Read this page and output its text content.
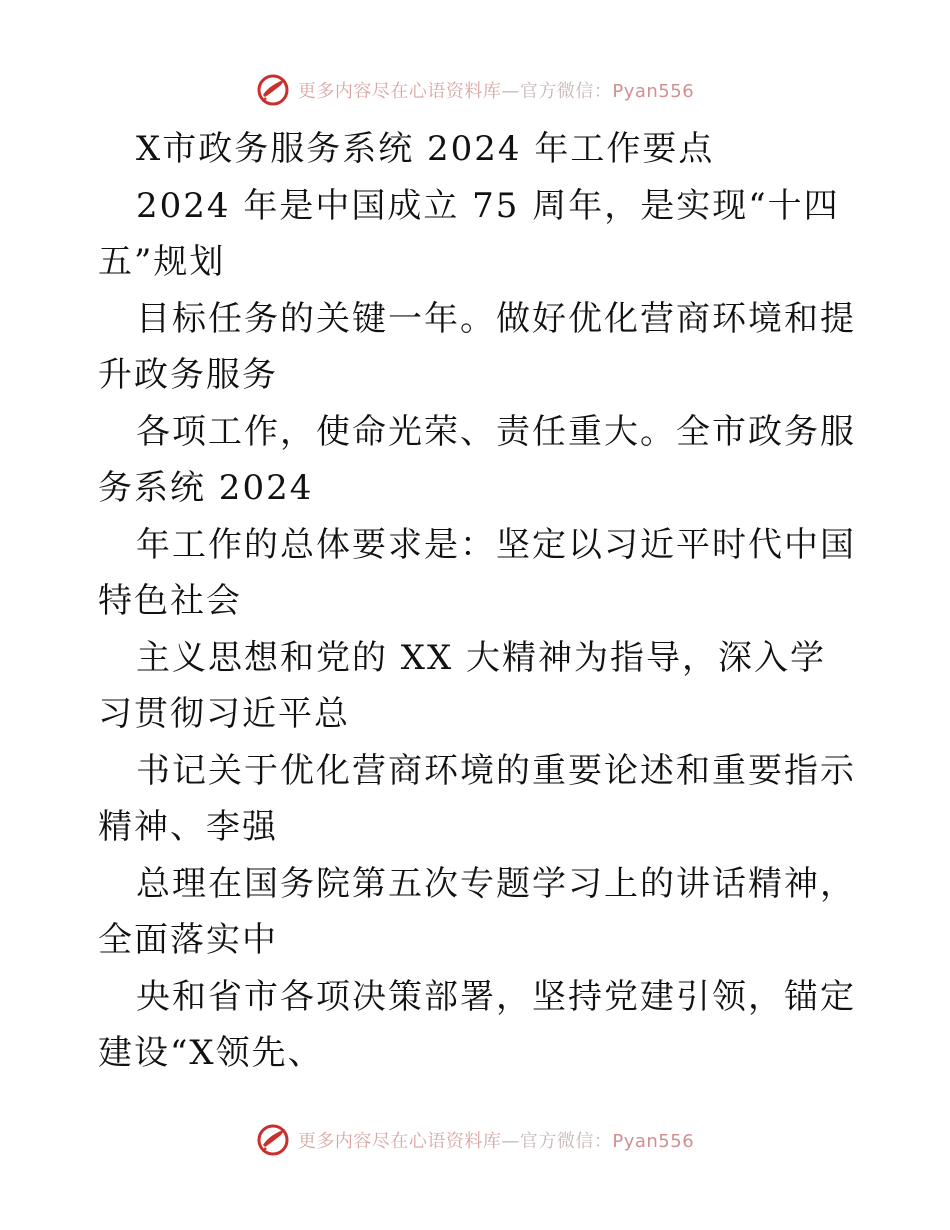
更多内容尽在心语资料库 — 官方微信： Pyan556

X市政务服务系统 2024 年工作要点

2024 年是中国成立 75 周年，是实现“十四五”规划

目标任务的关键一年。做好优化营商环境和提升政务服务

各项工作，使命光荣、责任重大。全市政务服务系统 2024

年工作的总体要求是：坚定以习近平时代中国特色社会

主义思想和党的 XX 大精神为指导，深入学习贯彻习近平总

书记关于优化营商环境的重要论述和重要指示精神、李强

总理在国务院第五次专题学习上的讲话精神，全面落实中

央和省市各项决策部署，坚持党建引领，锚定建设“X领先、

更多内容尽在心语资料库 — 官方微信： Pyan556
